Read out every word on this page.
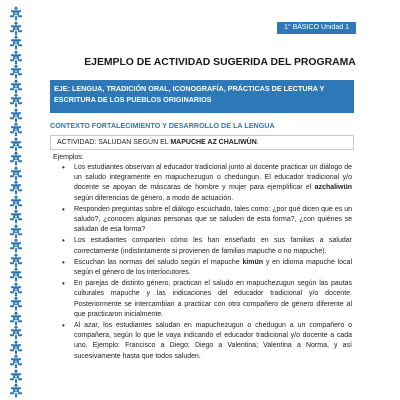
1° BÁSICO Unidad 1
EJEMPLO DE ACTIVIDAD SUGERIDA DEL PROGRAMA
EJE: LENGUA, TRADICIÓN ORAL, ICONOGRAFÍA, PRÁCTICAS DE LECTURA Y ESCRITURA DE LOS PUEBLOS ORIGINARIOS
CONTEXTO FORTALECIMIENTO Y DESARROLLO DE LA LENGUA
ACTIVIDAD: SALUDAN SEGÚN EL MAPUCHE AZ CHALIWÜN.
Ejemplos:
• Los estudiantes observan al educador tradicional junto al docente practicar un diálogo de un saludo integramente en mapuchezugun o chedungun. El educador tradicional y/o docente se apoyan de máscaras de hombre y mujer para ejemplificar el azchaliwün según diferencias de género, a modo de actuación.
• Responden preguntas sobre el diálogo escuchado, tales como: ¿por qué dicen que es un saludo?, ¿conocen algunas personas que se saluden de esta forma?, ¿con quiénes se saludan de esa forma?
• Los estudiantes comparten cómo les han enseñado en sus familias a saludar correctamente (indistintamente si provienen de familias mapuche o no mapuche).
• Escuchan las normas del saludo según el mapuche kimün y en idioma mapuche local según el género de los interlocutores.
• En parejas de distinto género, practican el saludo en mapuchezugun según las pautas culturales mapuche y las indicaciones del educador tradicional y/o docente. Posteriormente se intercambian a practicar con otro compañero de género diferente al que practicaron inicialmente.
• Al azar, los estudiantes saludan en mapuchezugun o chedugun a un compañero o compañera, según lo que le vaya indicando el educador tradicional y/o docente a cada uno. Ejemplo: Francisco a Diego; Diego a Valentina; Valentina a Norma, y así sucesivamente hasta que todos saluden.
